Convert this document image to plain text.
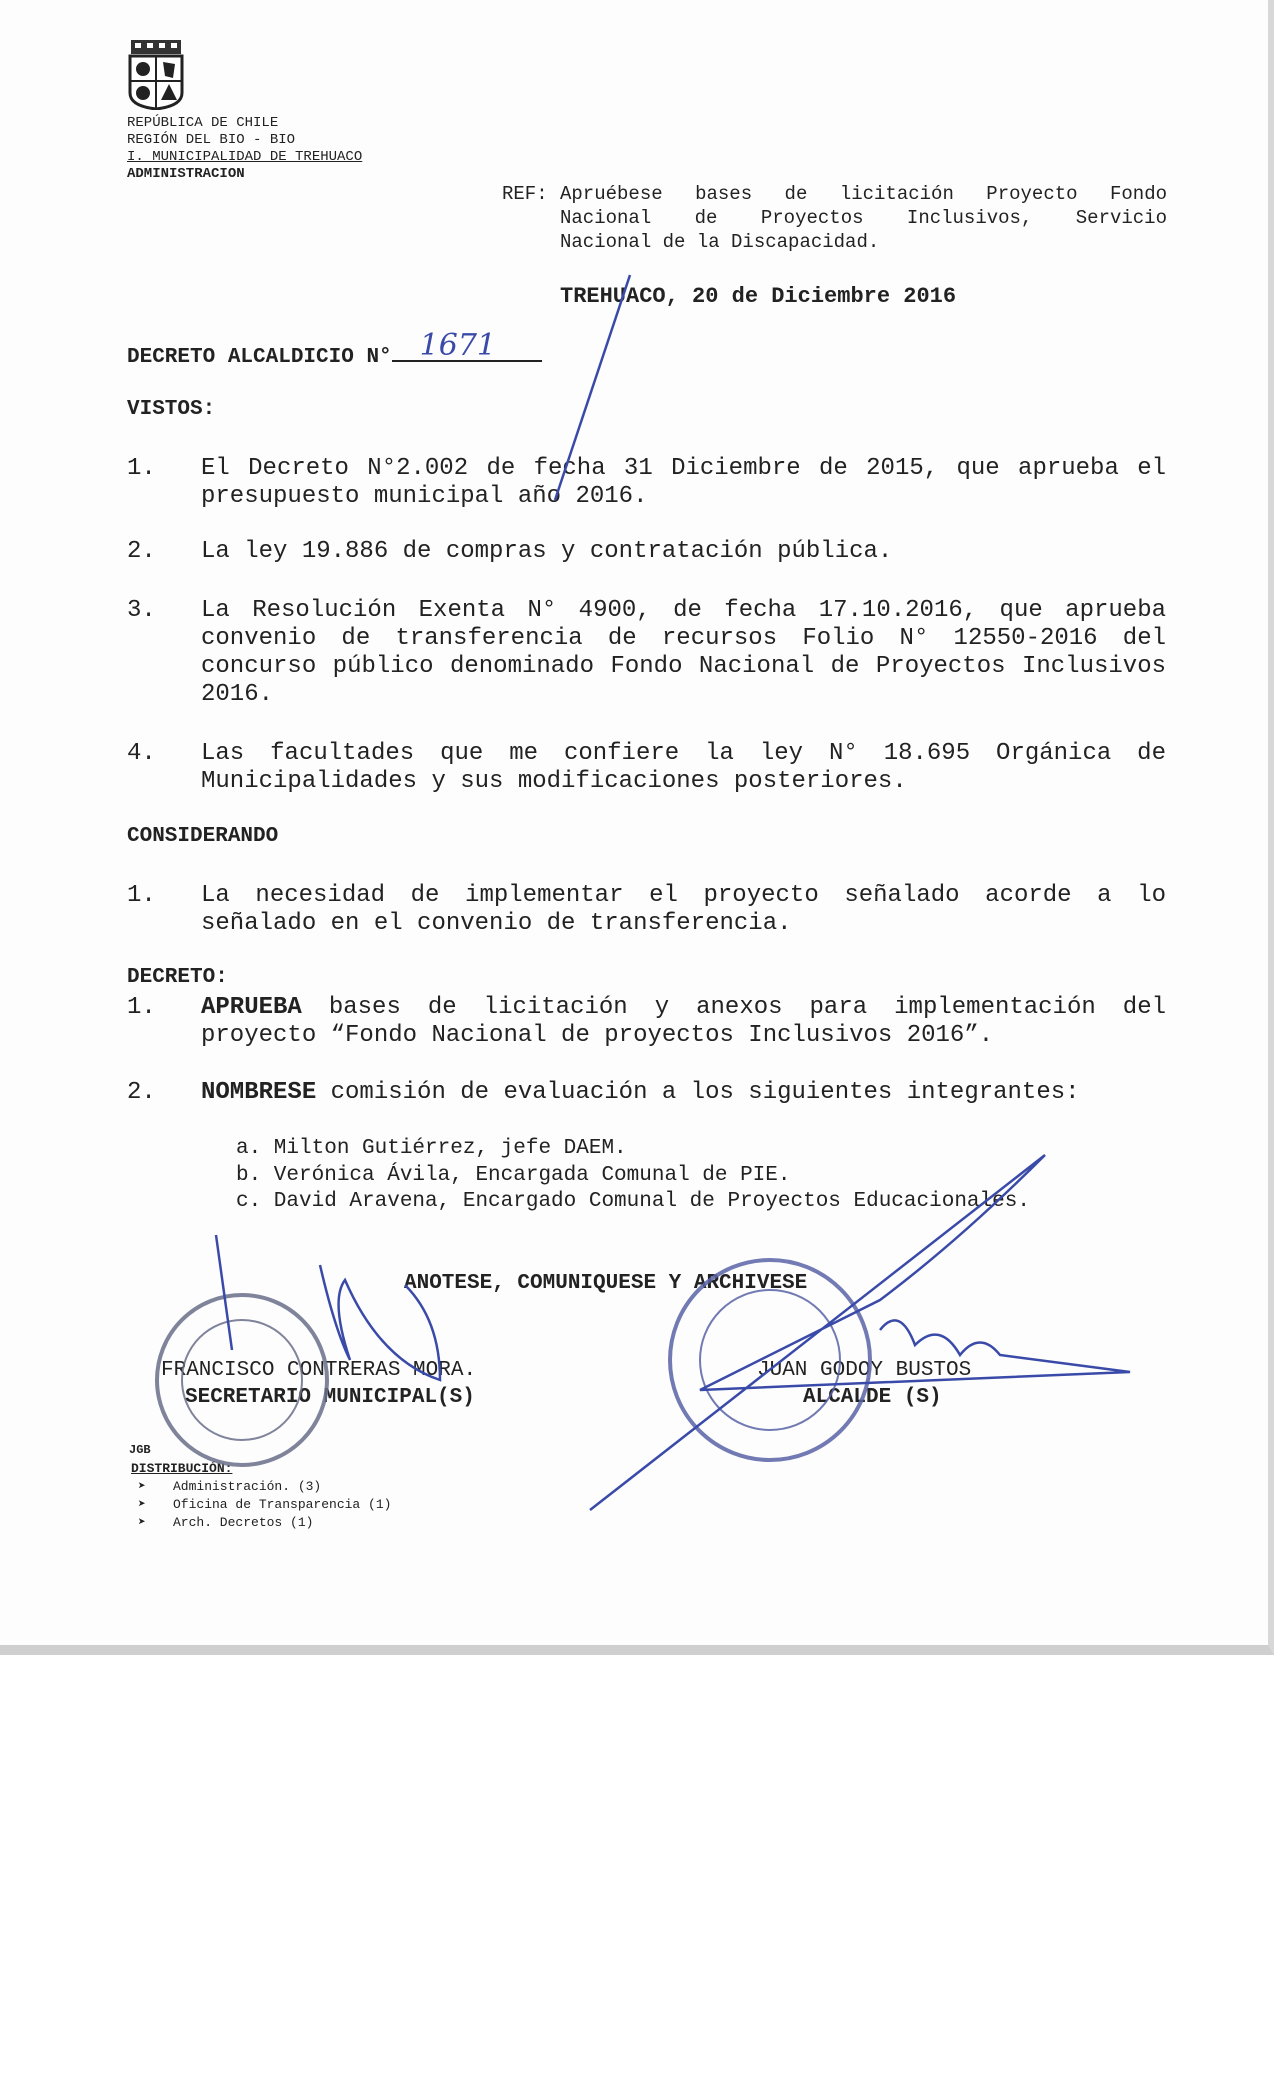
REPÚBLICA DE CHILE
REGIÓN DEL BIO - BIO
I. MUNICIPALIDAD DE TREHUACO
ADMINISTRACION
REF: Apruébese bases de licitación Proyecto Fondo
Nacional de Proyectos Inclusivos, Servicio
Nacional de la Discapacidad.
TREHUACO, 20 de Diciembre 2016
DECRETO ALCALDICIO N° 1671
VISTOS:
1. El Decreto N°2.002 de fecha 31 Diciembre de 2015, que aprueba el presupuesto municipal año 2016.
2. La ley 19.886 de compras y contratación pública.
3. La Resolución Exenta N° 4900, de fecha 17.10.2016, que aprueba convenio de transferencia de recursos Folio N° 12550-2016 del concurso público denominado Fondo Nacional de Proyectos Inclusivos 2016.
4. Las facultades que me confiere la ley N° 18.695 Orgánica de Municipalidades y sus modificaciones posteriores.
CONSIDERANDO
1. La necesidad de implementar el proyecto señalado acorde a lo señalado en el convenio de transferencia.
DECRETO:
1. APRUEBA bases de licitación y anexos para implementación del proyecto “Fondo Nacional de proyectos Inclusivos 2016”.
2. NOMBRESE comisión de evaluación a los siguientes integrantes:
a. Milton Gutiérrez, jefe DAEM.
b. Verónica Ávila, Encargada Comunal de PIE.
c. David Aravena, Encargado Comunal de Proyectos Educacionales.
ANOTESE, COMUNIQUESE Y ARCHIVESE
FRANCISCO CONTRERAS MORA.
SECRETARIO MUNICIPAL(S)
JUAN GODOY BUSTOS
ALCALDE (S)
JGB
DISTRIBUCIÓN:
➤ Administración. (3)
➤ Oficina de Transparencia (1)
➤ Arch. Decretos (1)
